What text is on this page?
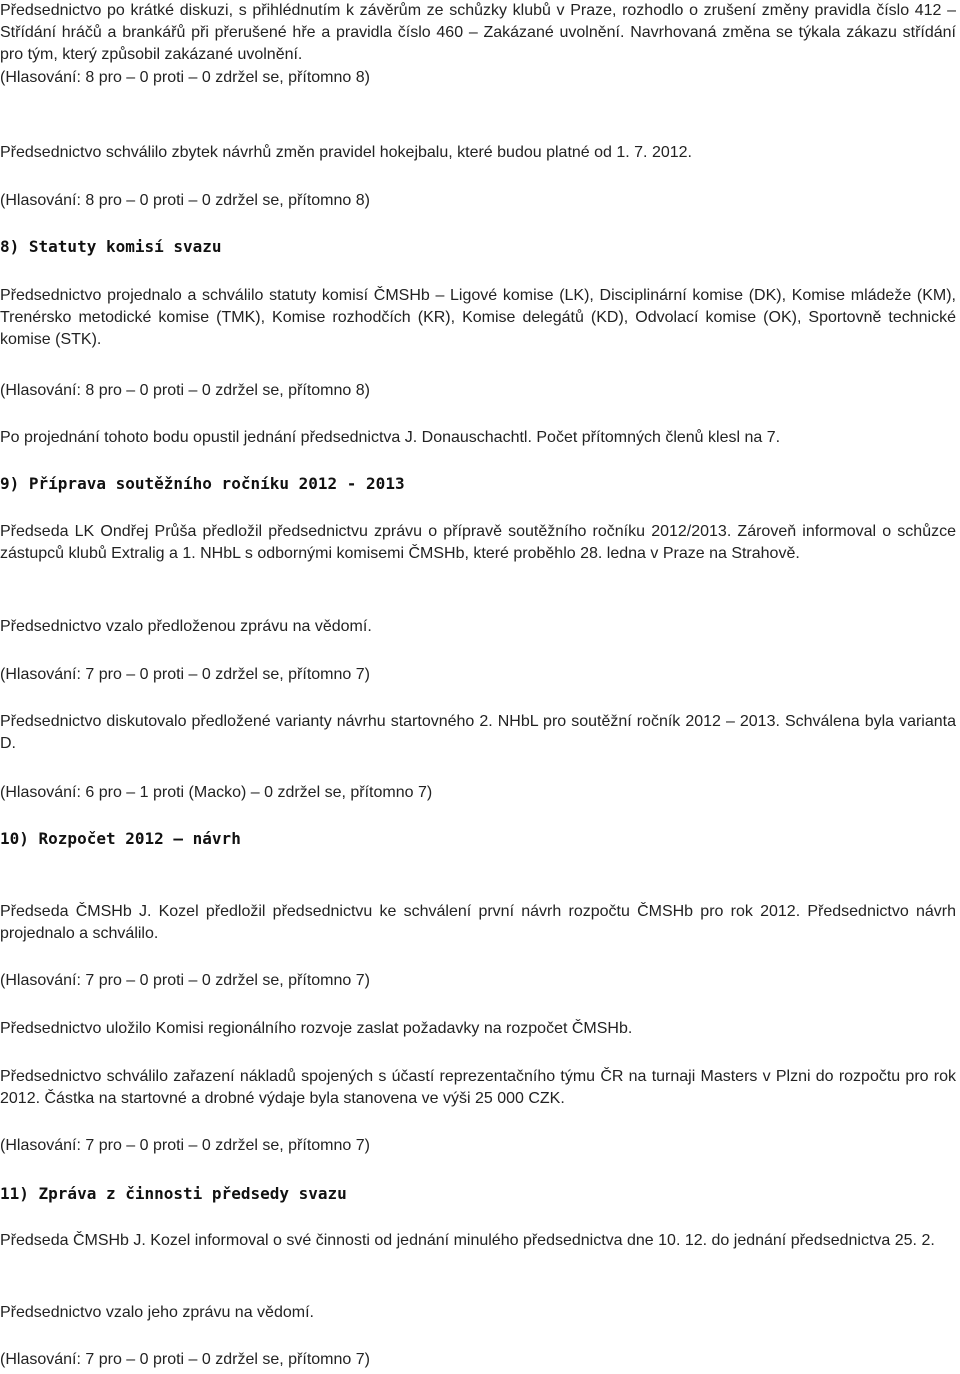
Předsednictvo po krátké diskuzi, s přihlédnutím k závěrům ze schůzky klubů v Praze, rozhodlo o zrušení změny pravidla číslo 412 – Střídání hráčů a brankářů při přerušené hře a pravidla číslo 460 – Zakázané uvolnění. Navrhovaná změna se týkala zákazu střídání pro tým, který způsobil zakázané uvolnění.

(Hlasování: 8 pro – 0 proti – 0 zdržel se, přítomno 8)

Předsednictvo schválilo zbytek návrhů změn pravidel hokejbalu, které budou platné od 1. 7. 2012.

(Hlasování: 8 pro – 0 proti – 0 zdržel se, přítomno 8)

8) Statuty komisí svazu

Předsednictvo projednalo a schválilo statuty komisí ČMSHb – Ligové komise (LK), Disciplinární komise (DK), Komise mládeže (KM), Trenérsko metodické komise (TMK), Komise rozhodčích (KR), Komise delegátů (KD), Odvolací komise (OK), Sportovně technické komise (STK).

(Hlasování: 8 pro – 0 proti – 0 zdržel se, přítomno 8)

Po projednání tohoto bodu opustil jednání předsednictva J. Donauschachtl. Počet přítomných členů klesl na 7.

9) Příprava soutěžního ročníku 2012 - 2013

Předseda LK Ondřej Průša předložil předsednictvu zprávu o přípravě soutěžního ročníku 2012/2013. Zároveň informoval o schůzce zástupců klubů Extralig a 1. NHbL s odbornými komisemi ČMSHb, které proběhlo 28. ledna v Praze na Strahově.

Předsednictvo vzalo předloženou zprávu na vědomí.

(Hlasování: 7 pro – 0 proti – 0 zdržel se, přítomno 7)

Předsednictvo diskutovalo předložené varianty návrhu startovného 2. NHbL pro soutěžní ročník 2012 – 2013. Schválena byla varianta D.

(Hlasování: 6 pro – 1 proti (Macko) – 0 zdržel se, přítomno 7)

10) Rozpočet 2012 – návrh

Předseda ČMSHb J. Kozel předložil předsednictvu ke schválení první návrh rozpočtu ČMSHb pro rok 2012. Předsednictvo návrh projednalo a schválilo.

(Hlasování: 7 pro – 0 proti – 0 zdržel se, přítomno 7)

Předsednictvo uložilo Komisi regionálního rozvoje zaslat požadavky na rozpočet ČMSHb.

Předsednictvo schválilo zařazení nákladů spojených s účastí reprezentačního týmu ČR na turnaji Masters v Plzni do rozpočtu pro rok 2012. Částka na startovné a drobné výdaje byla stanovena ve výši 25 000 CZK.

(Hlasování: 7 pro – 0 proti – 0 zdržel se, přítomno 7)

11) Zpráva z činnosti předsedy svazu

Předseda ČMSHb J. Kozel informoval o své činnosti od jednání minulého předsednictva dne 10. 12. do jednání předsednictva 25. 2.

Předsednictvo vzalo jeho zprávu na vědomí.

(Hlasování: 7 pro – 0 proti – 0 zdržel se, přítomno 7)
